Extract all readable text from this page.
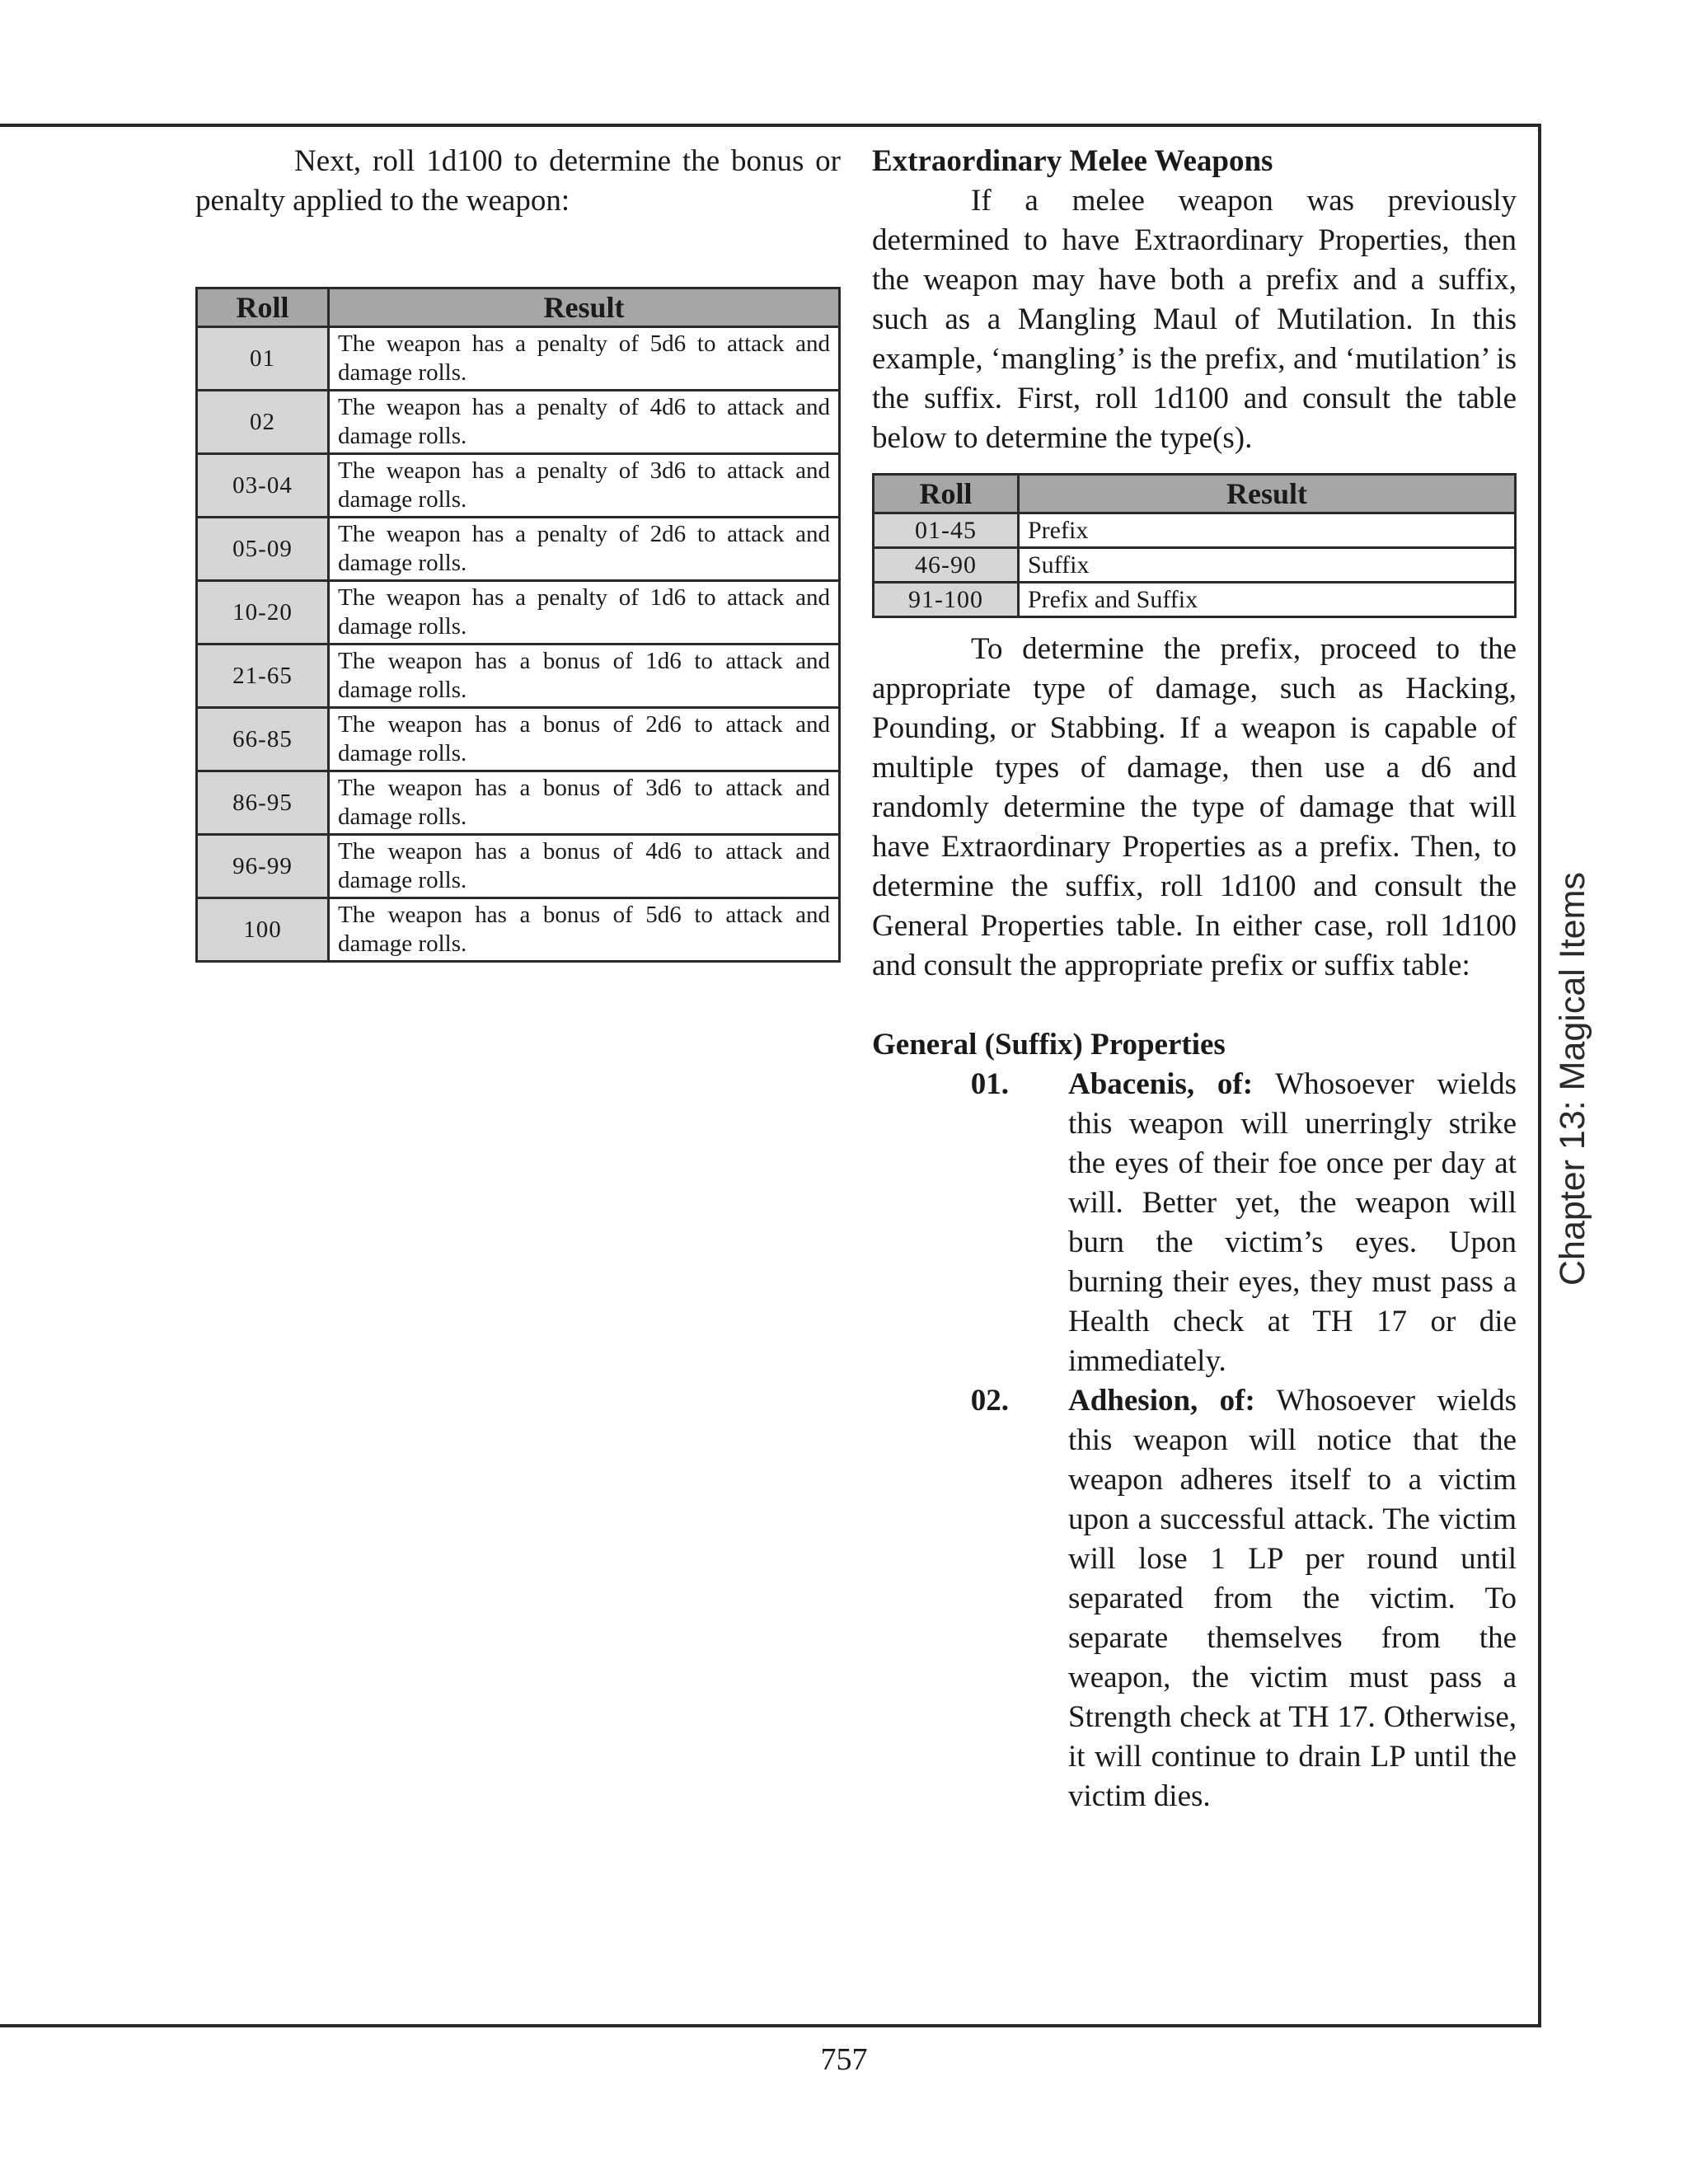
Next, roll 1d100 to determine the bonus or penalty applied to the weapon:

Roll	Result
01	The weapon has a penalty of 5d6 to attack and damage rolls.
02	The weapon has a penalty of 4d6 to attack and damage rolls.
03-04	The weapon has a penalty of 3d6 to attack and damage rolls.
05-09	The weapon has a penalty of 2d6 to attack and damage rolls.
10-20	The weapon has a penalty of 1d6 to attack and damage rolls.
21-65	The weapon has a bonus of 1d6 to attack and damage rolls.
66-85	The weapon has a bonus of 2d6 to attack and damage rolls.
86-95	The weapon has a bonus of 3d6 to attack and damage rolls.
96-99	The weapon has a bonus of 4d6 to attack and damage rolls.
100	The weapon has a bonus of 5d6 to attack and damage rolls.

Extraordinary Melee Weapons

If a melee weapon was previously determined to have Extraordinary Properties, then the weapon may have both a prefix and a suffix, such as a Mangling Maul of Mutilation. In this example, ‘mangling’ is the prefix, and ‘mutilation’ is the suffix. First, roll 1d100 and consult the table below to determine the type(s).

Roll	Result
01-45	Prefix
46-90	Suffix
91-100	Prefix and Suffix

To determine the prefix, proceed to the appropriate type of damage, such as Hacking, Pounding, or Stabbing. If a weapon is capable of multiple types of damage, then use a d6 and randomly determine the type of damage that will have Extraordinary Properties as a prefix. Then, to determine the suffix, roll 1d100 and consult the General Properties table. In either case, roll 1d100 and consult the appropriate prefix or suffix table:

General (Suffix) Properties

01.	Abacenis, of: Whosoever wields this weapon will unerringly strike the eyes of their foe once per day at will. Better yet, the weapon will burn the victim’s eyes. Upon burning their eyes, they must pass a Health check at TH 17 or die immediately.
02.	Adhesion, of: Whosoever wields this weapon will notice that the weapon adheres itself to a victim upon a successful attack. The victim will lose 1 LP per round until separated from the victim. To separate themselves from the weapon, the victim must pass a Strength check at TH 17. Otherwise, it will continue to drain LP until the victim dies.
Chapter 13: Magical Items
757
